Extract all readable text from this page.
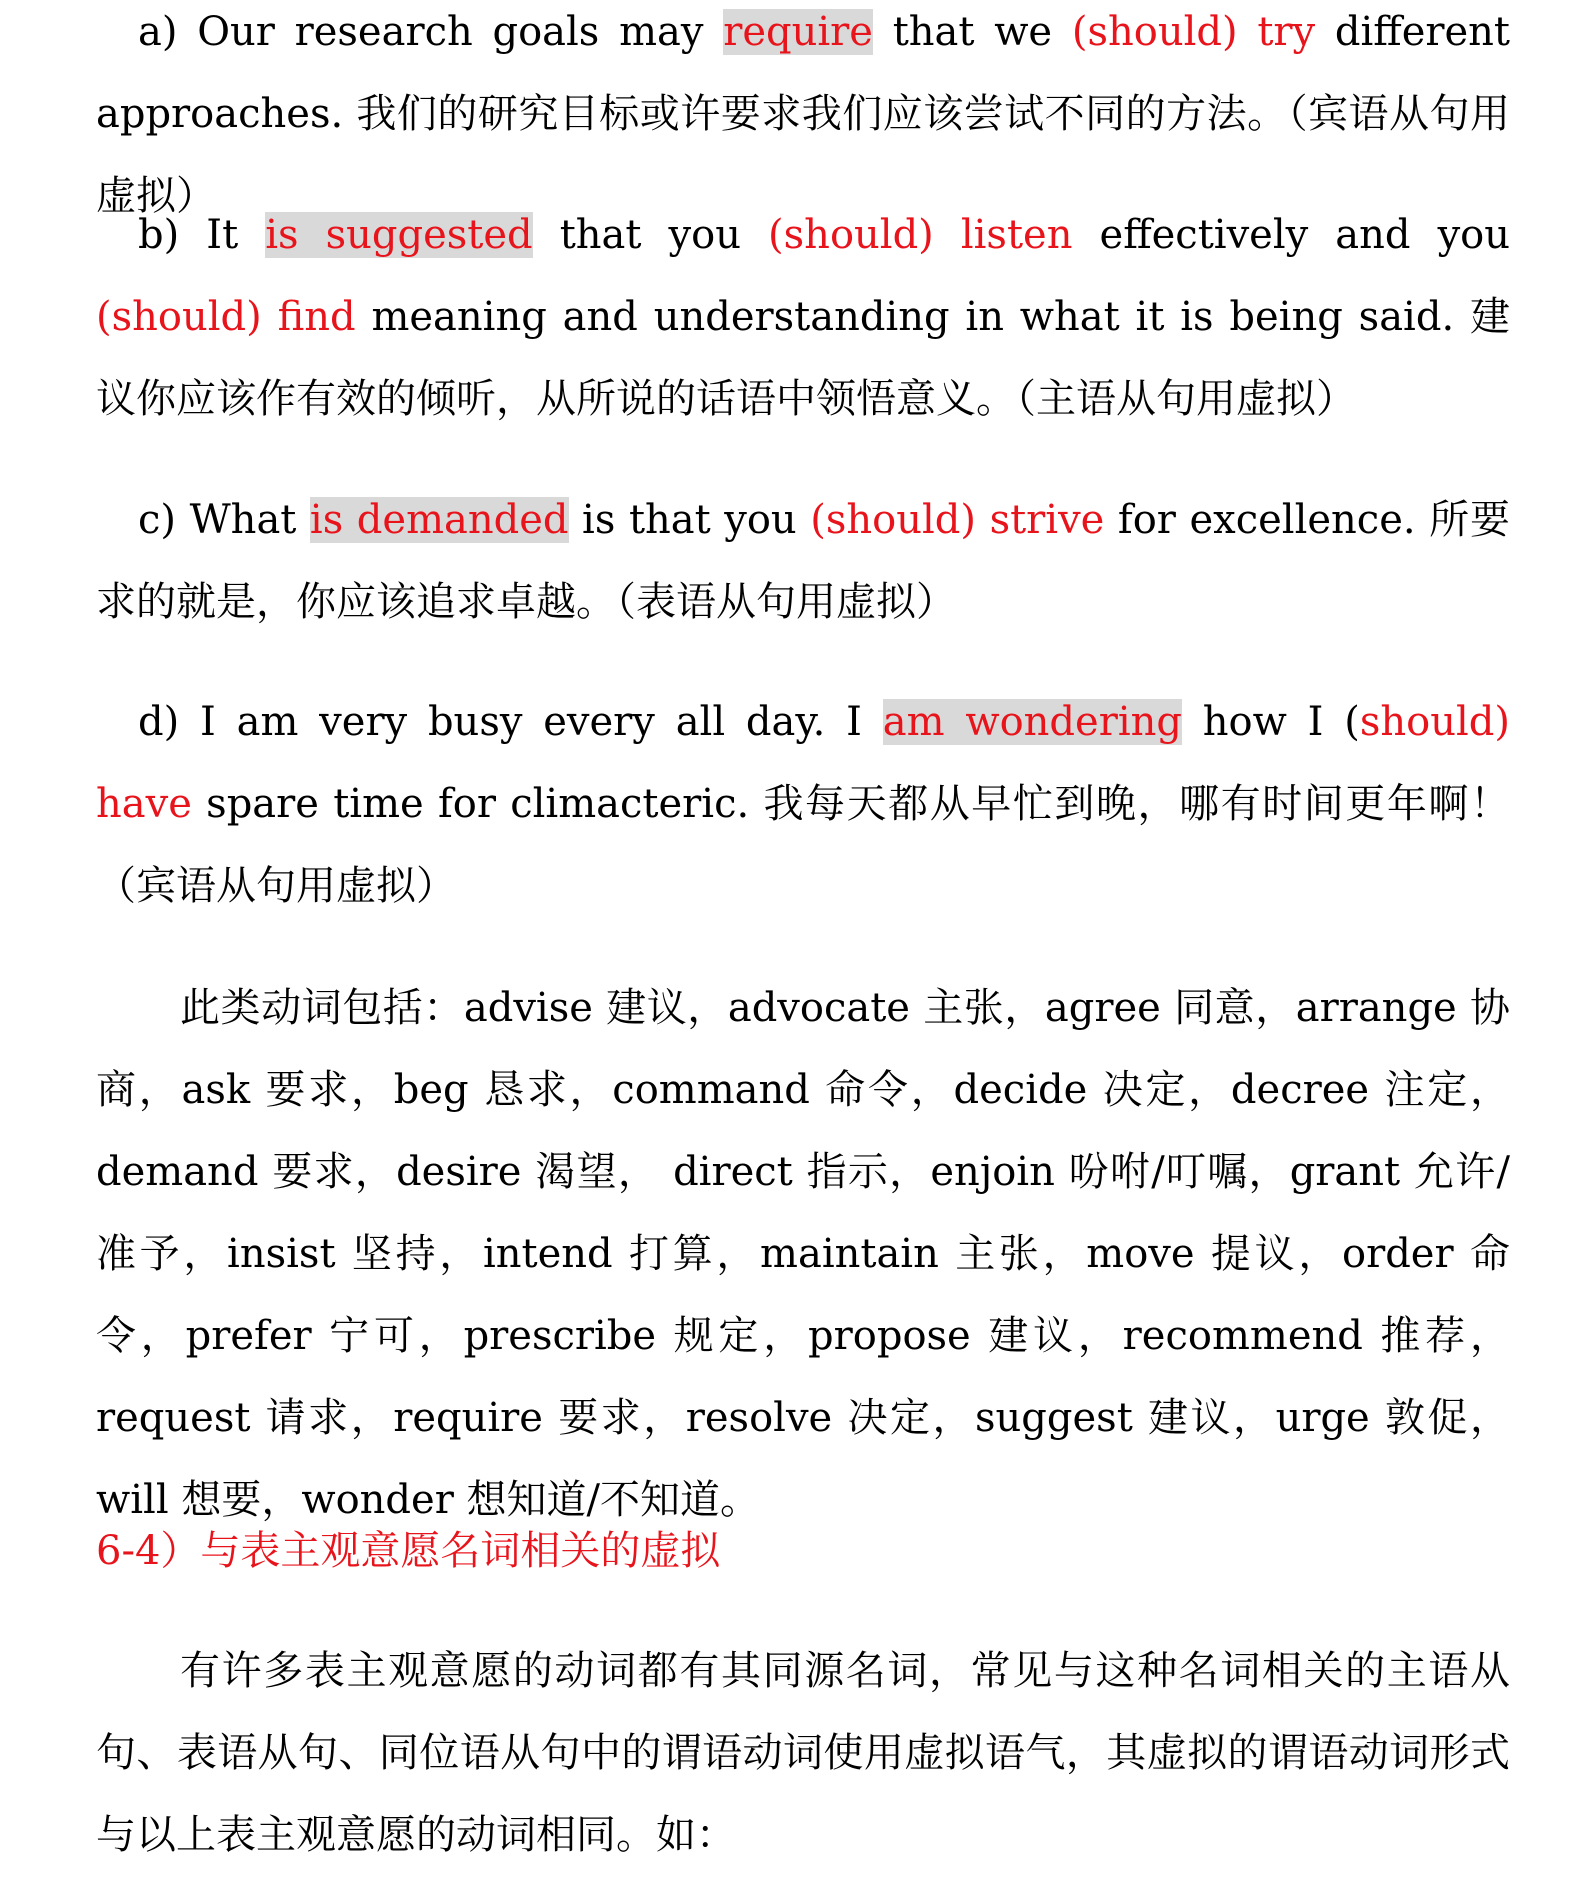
a) Our research goals may require that we (should) try different approaches. 我们的研究目标或许要求我们应该尝试不同的方法。（宾语从句用虚拟）

b) It is suggested that you (should) listen effectively and you (should) find meaning and understanding in what it is being said. 建议你应该作有效的倾听，从所说的话语中领悟意义。（主语从句用虚拟）

c) What is demanded is that you (should) strive for excellence. 所要求的就是，你应该追求卓越。（表语从句用虚拟）

d) I am very busy every all day. I am wondering how I (should) have spare time for climacteric. 我每天都从早忙到晚，哪有时间更年啊！（宾语从句用虚拟）

此类动词包括：advise 建议，advocate 主张，agree 同意，arrange 协商，ask 要求，beg 恳求，command 命令，decide 决定，decree 注定，demand 要求，desire 渴望， direct 指示，enjoin 吩咐/叮嘱，grant 允许/准予，insist 坚持，intend 打算，maintain 主张，move 提议，order 命令，prefer 宁可，prescribe 规定，propose 建议，recommend 推荐，request 请求，require 要求，resolve 决定，suggest 建议，urge 敦促，will 想要，wonder 想知道/不知道。

6-4）与表主观意愿名词相关的虚拟

有许多表主观意愿的动词都有其同源名词，常见与这种名词相关的主语从句、表语从句、同位语从句中的谓语动词使用虚拟语气，其虚拟的谓语动词形式与以上表主观意愿的动词相同。如：
